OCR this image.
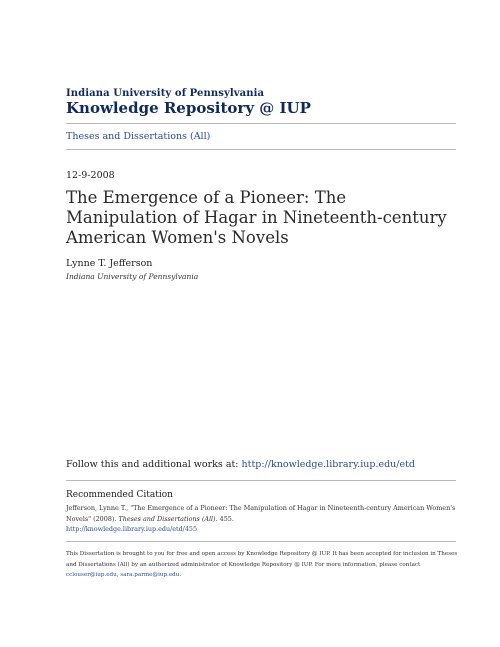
Indiana University of Pennsylvania
Knowledge Repository @ IUP
Theses and Dissertations (All)
12-9-2008
The Emergence of a Pioneer: The Manipulation of Hagar in Nineteenth-century American Women's Novels
Lynne T. Jefferson
Indiana University of Pennsylvania
Follow this and additional works at: http://knowledge.library.iup.edu/etd
Recommended Citation
Jefferson, Lynne T., "The Emergence of a Pioneer: The Manipulation of Hagar in Nineteenth-century American Women's Novels" (2008). Theses and Dissertations (All). 455.
http://knowledge.library.iup.edu/etd/455
This Dissertation is brought to you for free and open access by Knowledge Repository @ IUP. It has been accepted for inclusion in Theses and Dissertations (All) by an authorized administrator of Knowledge Repository @ IUP. For more information, please contact cclouser@iup.edu, sara.parme@iup.edu.
